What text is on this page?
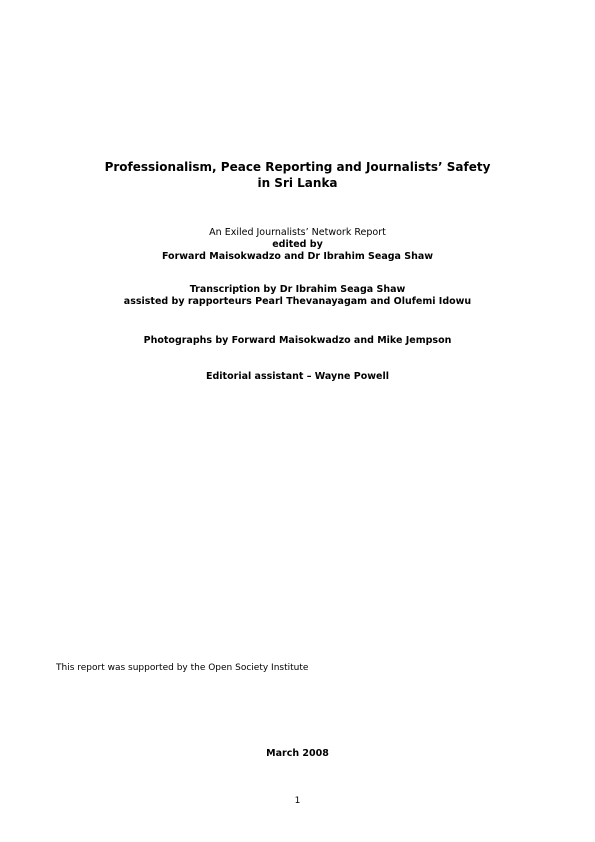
Professionalism, Peace Reporting and Journalists’ Safety
in Sri Lanka
An Exiled Journalists’ Network Report
edited by
Forward Maisokwadzo and Dr Ibrahim Seaga Shaw
Transcription by Dr Ibrahim Seaga Shaw
assisted by rapporteurs Pearl Thevanayagam and Olufemi Idowu
Photographs by Forward Maisokwadzo and Mike Jempson
Editorial assistant – Wayne Powell
This report was supported by the Open Society Institute
March 2008
1
